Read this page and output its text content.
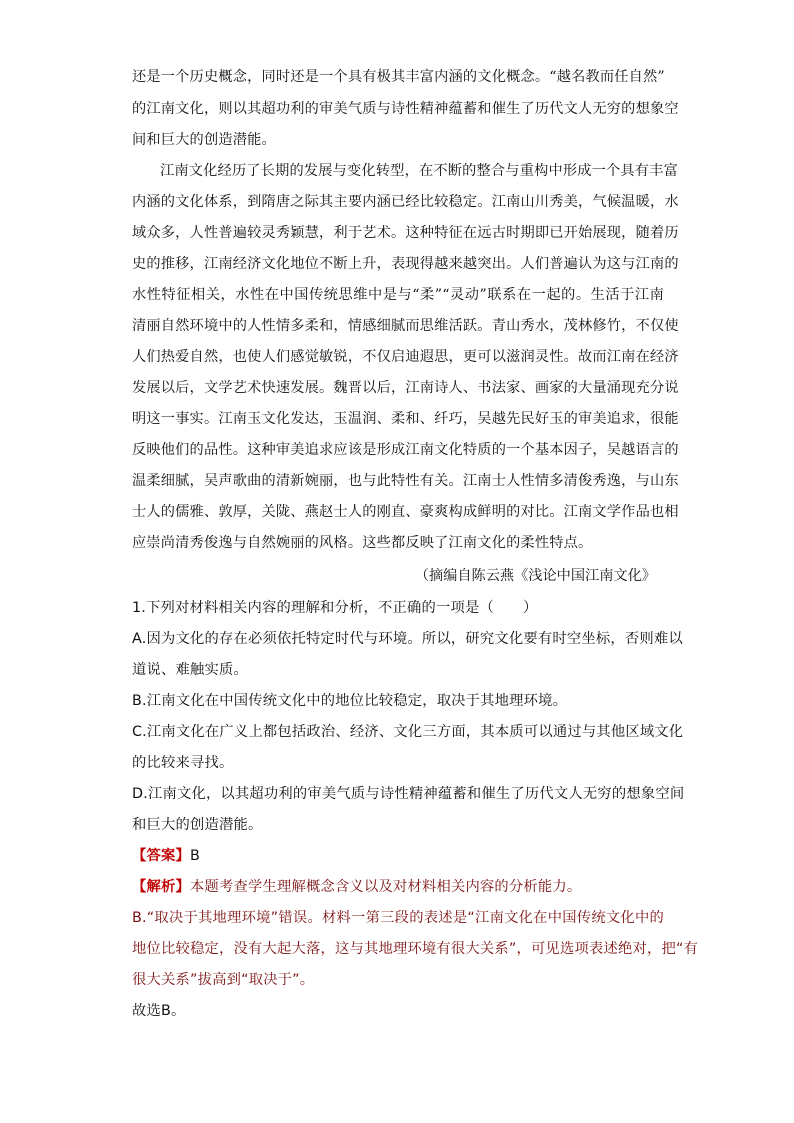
还是一个历史概念，同时还是一个具有极其丰富内涵的文化概念。“越名教而任自然”
的江南文化，则以其超功利的审美气质与诗性精神蕴蓄和催生了历代文人无穷的想象空
间和巨大的创造潜能。
江南文化经历了长期的发展与变化转型，在不断的整合与重构中形成一个具有丰富
内涵的文化体系，到隋唐之际其主要内涵已经比较稳定。江南山川秀美，气候温暖，水
域众多，人性普遍较灵秀颖慧，利于艺术。这种特征在远古时期即已开始展现，随着历
史的推移，江南经济文化地位不断上升，表现得越来越突出。人们普遍认为这与江南的
水性特征相关，水性在中国传统思维中是与“柔”“灵动”联系在一起的。生活于江南
清丽自然环境中的人性情多柔和，情感细腻而思维活跃。青山秀水，茂林修竹，不仅使
人们热爱自然，也使人们感觉敏锐，不仅启迪遐思，更可以滋润灵性。故而江南在经济
发展以后，文学艺术快速发展。魏晋以后，江南诗人、书法家、画家的大量涌现充分说
明这一事实。江南玉文化发达，玉温润、柔和、纤巧，吴越先民好玉的审美追求，很能
反映他们的品性。这种审美追求应该是形成江南文化特质的一个基本因子，吴越语言的
温柔细腻，吴声歌曲的清新婉丽，也与此特性有关。江南士人性情多清俊秀逸，与山东
士人的儒雅、敦厚，关陇、燕赵士人的刚直、豪爽构成鲜明的对比。江南文学作品也相
应崇尚清秀俊逸与自然婉丽的风格。这些都反映了江南文化的柔性特点。
（摘编自陈云燕《浅论中国江南文化》
1.下列对材料相关内容的理解和分析，不正确的一项是（　　）
A.因为文化的存在必须依托特定时代与环境。所以，研究文化要有时空坐标，否则难以
道说、难触实质。
B.江南文化在中国传统文化中的地位比较稳定，取决于其地理环境。
C.江南文化在广义上都包括政治、经济、文化三方面，其本质可以通过与其他区域文化
的比较来寻找。
D.江南文化，以其超功利的审美气质与诗性精神蕴蓄和催生了历代文人无穷的想象空间
和巨大的创造潜能。
【答案】B
【解析】本题考查学生理解概念含义以及对材料相关内容的分析能力。
B.“取决于其地理环境”错误。材料一第三段的表述是“江南文化在中国传统文化中的
地位比较稳定，没有大起大落，这与其地理环境有很大关系”，可见选项表述绝对，把“有
很大关系”拔高到“取决于”。
故选B。
